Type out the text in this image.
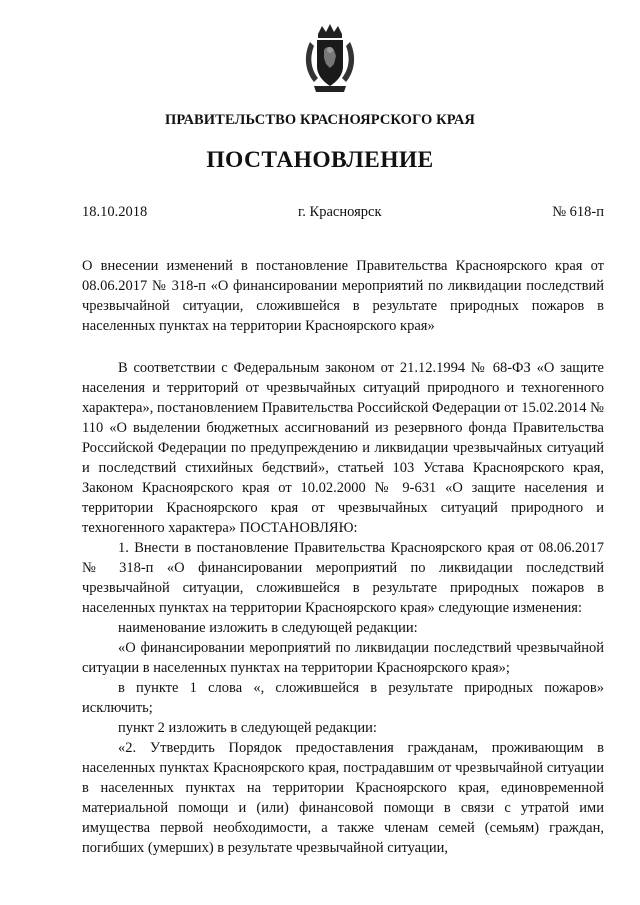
ПРАВИТЕЛЬСТВО КРАСНОЯРСКОГО КРАЯ
ПОСТАНОВЛЕНИЕ
18.10.2018	г. Красноярск	№ 618-п
О внесении изменений в постановление Правительства Красноярского края от 08.06.2017 № 318-п «О финансировании мероприятий по ликвидации последствий чрезвычайной ситуации, сложившейся в результате природных пожаров в населенных пунктах на территории Красноярского края»

В соответствии с Федеральным законом от 21.12.1994 № 68-ФЗ «О защите населения и территорий от чрезвычайных ситуаций природного и техногенного характера», постановлением Правительства Российской Федерации от 15.02.2014 № 110 «О выделении бюджетных ассигнований из резервного фонда Правительства Российской Федерации по предупреждению и ликвидации чрезвычайных ситуаций и последствий стихийных бедствий», статьей 103 Устава Красноярского края, Законом Красноярского края от 10.02.2000 № 9-631 «О защите населения и территории Красноярского края от чрезвычайных ситуаций природного и техногенного характера» ПОСТАНОВЛЯЮ:

1. Внести в постановление Правительства Красноярского края от 08.06.2017 № 318-п «О финансировании мероприятий по ликвидации последствий чрезвычайной ситуации, сложившейся в результате природных пожаров в населенных пунктах на территории Красноярского края» следующие изменения:

наименование изложить в следующей редакции:

«О финансировании мероприятий по ликвидации последствий чрезвычайной ситуации в населенных пунктах на территории Красноярского края»;

в пункте 1 слова «, сложившейся в результате природных пожаров» исключить;

пункт 2 изложить в следующей редакции:

«2. Утвердить Порядок предоставления гражданам, проживающим в населенных пунктах Красноярского края, пострадавшим от чрезвычайной ситуации в населенных пунктах на территории Красноярского края, единовременной материальной помощи и (или) финансовой помощи в связи с утратой ими имущества первой необходимости, а также членам семей (семьям) граждан, погибших (умерших) в результате чрезвычайной ситуации,
